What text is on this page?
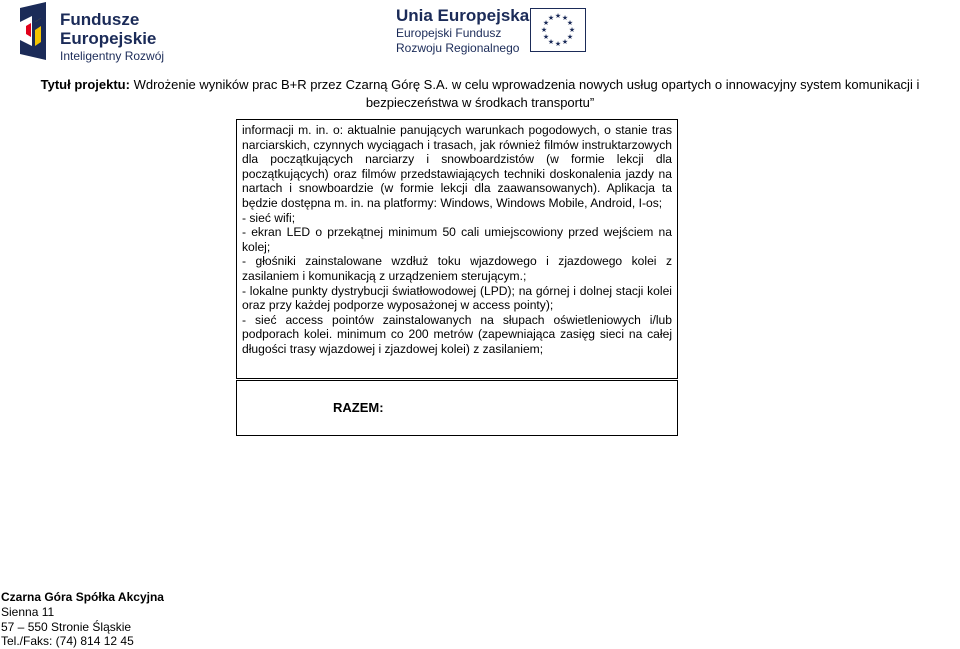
Fundusze
Europejskie
Inteligentny Rozwój
Unia Europejska
Europejski Fundusz
Rozwoju Regionalnego
★ ★
★
★
★
★
★
★
★
★
★
★
Tytuł projektu: Wdrożenie wyników prac B+R przez Czarną Górę S.A. w celu wprowadzenia nowych usług opartych o innowacyjny system komunikacji i bezpieczeństwa w środkach transportu”

informacji m. in. o: aktualnie panujących warunkach pogodowych, o stanie tras narciarskich, czynnych wyciągach i trasach, jak również filmów instruktarzowych dla początkujących narciarzy i snowboardzistów (w formie lekcji dla początkujących) oraz filmów przedstawiających techniki doskonalenia jazdy na nartach i snowboardzie (w formie lekcji dla zaawansowanych). Aplikacja ta będzie dostępna m. in. na platformy: Windows, Windows Mobile, Android, I-os;

- sieć wifi;

- ekran LED o przekątnej minimum 50 cali umiejscowiony przed wejściem na kolej;

- głośniki zainstalowane wzdłuż toku wjazdowego i zjazdowego kolei z zasilaniem i komunikacją z urządzeniem sterującym.;

- lokalne punkty dystrybucji światłowodowej (LPD); na górnej i dolnej stacji kolei oraz przy każdej podporze wyposażonej w access pointy);

- sieć access pointów zainstalowanych na słupach oświetleniowych i/lub podporach kolei. minimum co 200 metrów (zapewniająca zasięg sieci na całej długości trasy wjazdowej i zjazdowej kolei) z zasilaniem;

RAZEM:
Czarna Góra Spółka Akcyjna
Sienna 11
57 – 550 Stronie Śląskie
Tel./Faks: (74) 814 12 45
